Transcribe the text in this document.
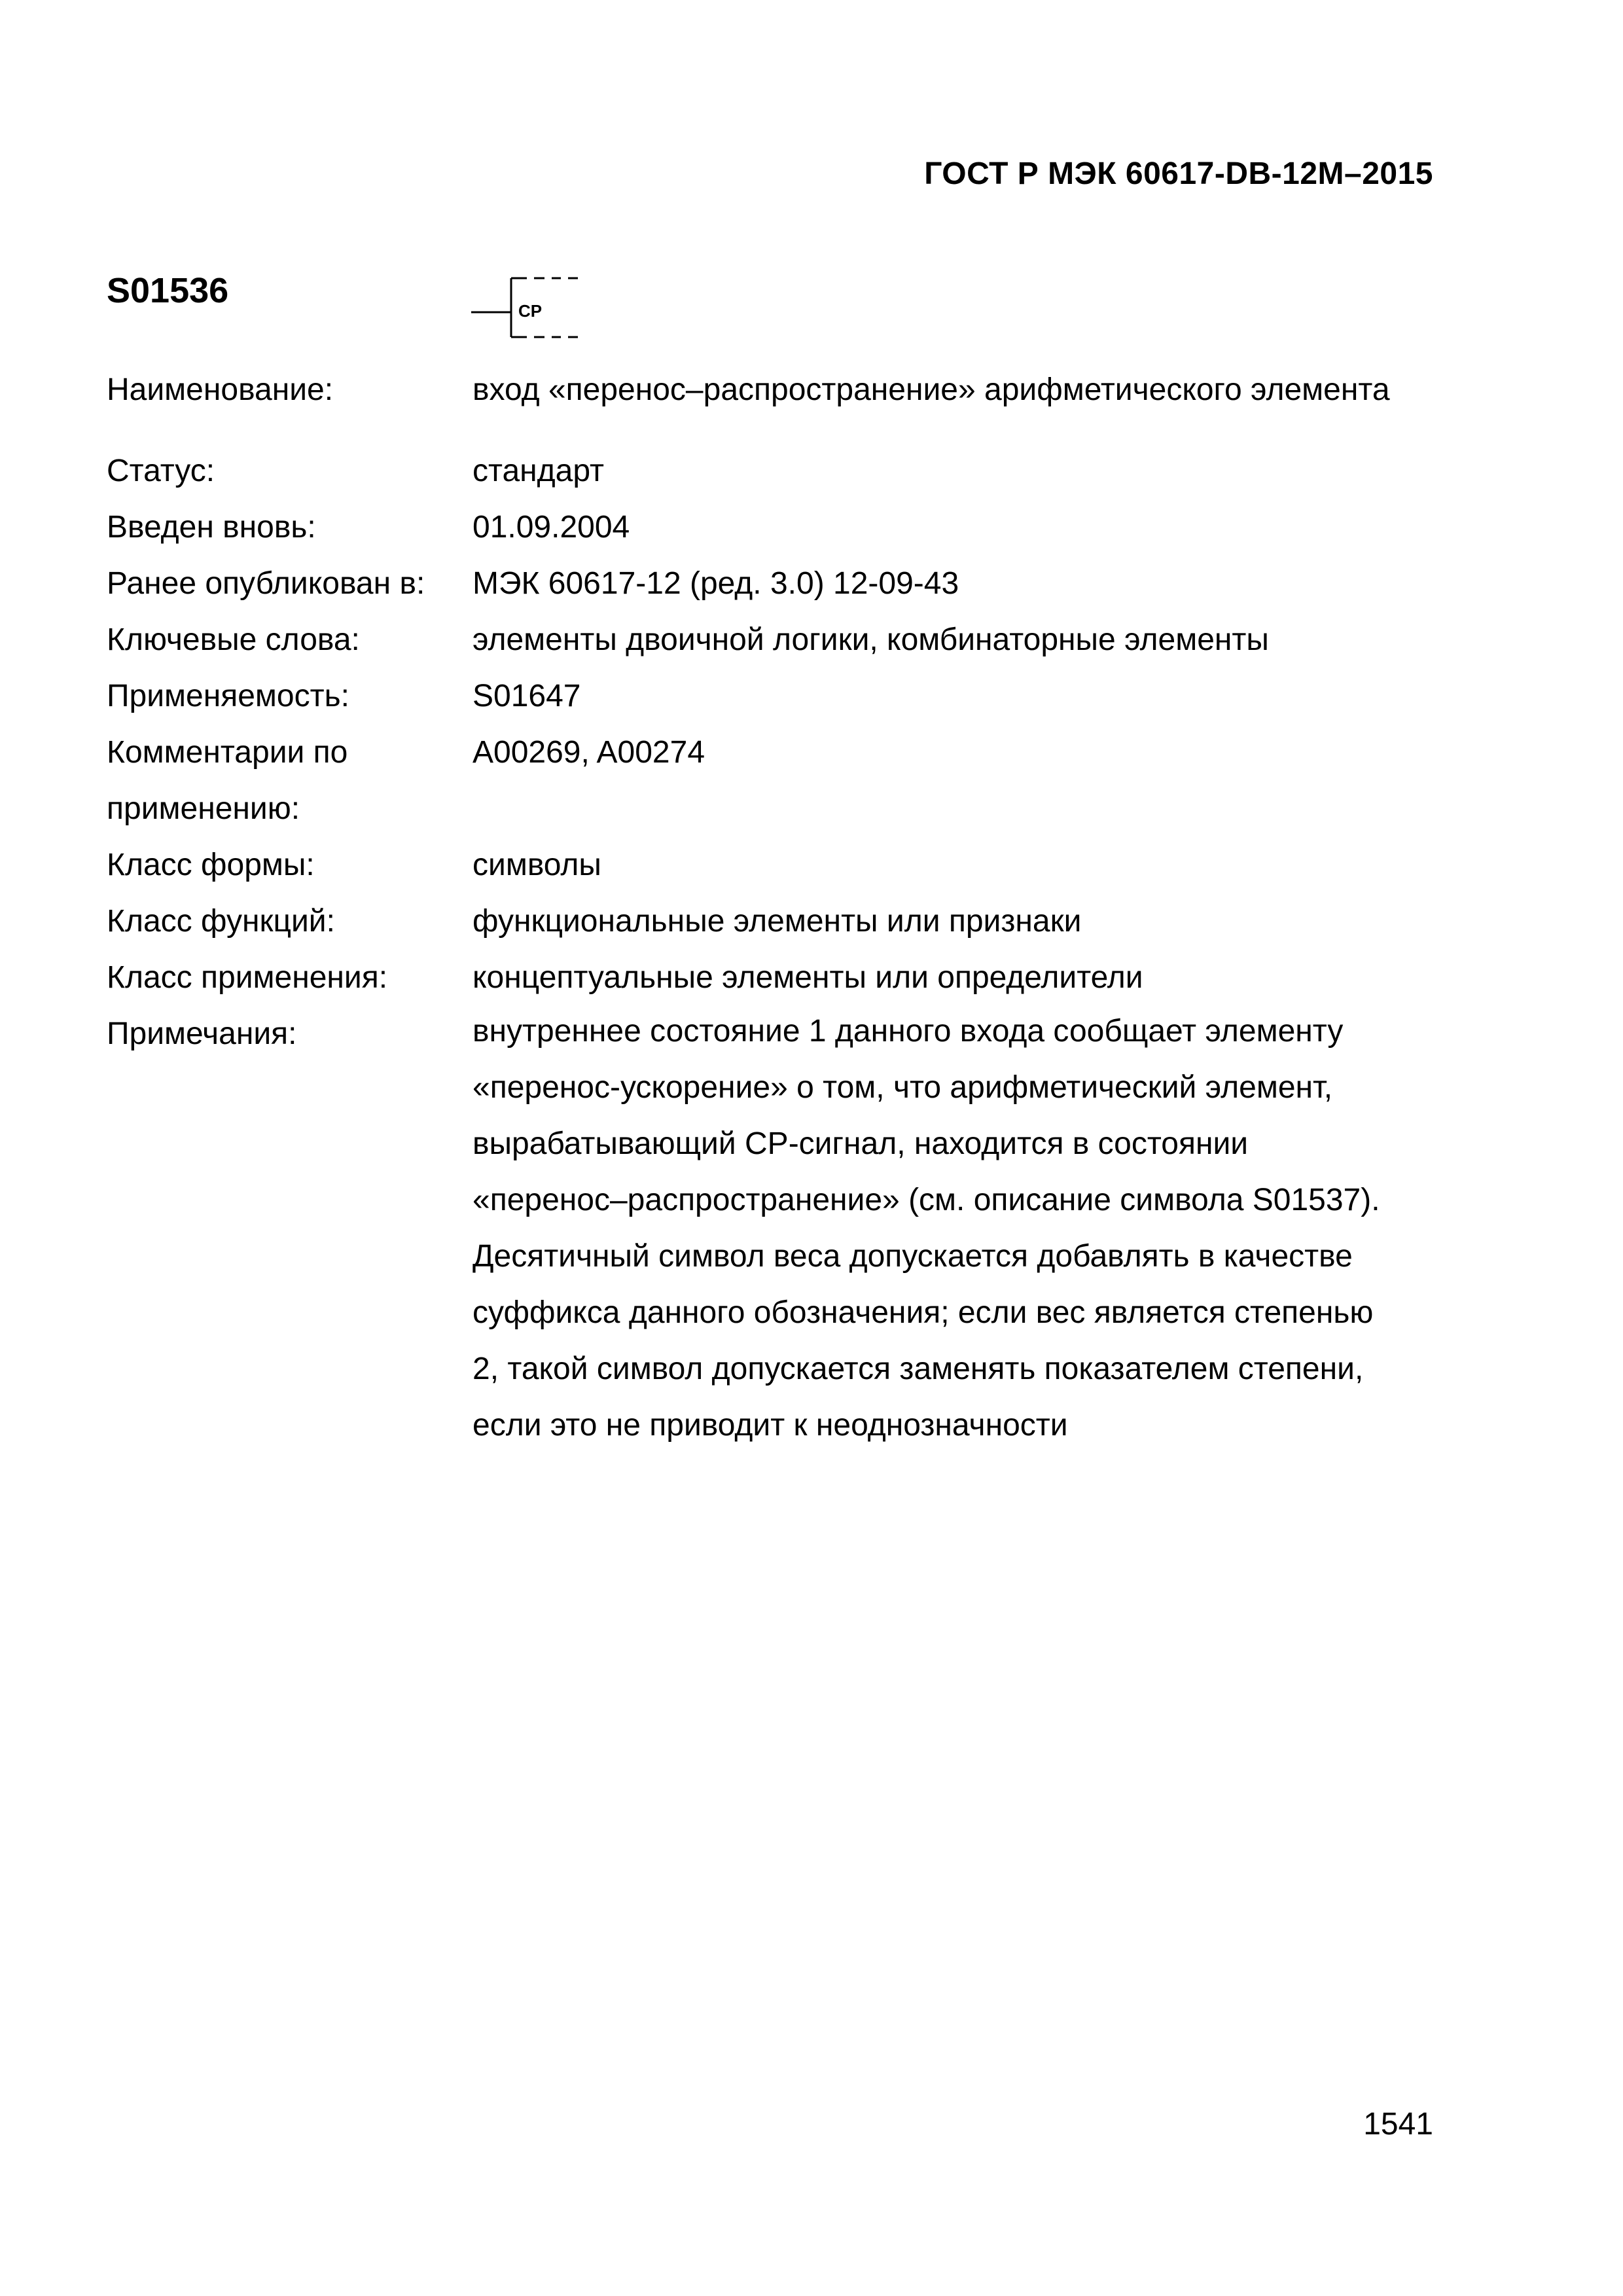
ГОСТ Р МЭК 60617-DB-12M–2015
S01536
CP
Наименование:	вход «перенос–распространение» арифметического элемента
Статус:	стандарт
Введен вновь:	01.09.2004
Ранее опубликован в: МЭК 60617-12 (ред. 3.0) 12-09-43
Ключевые слова:	элементы двоичной логики, комбинаторные элементы
Применяемость:	S01647
Комментарии по
применению:
A00269, A00274
Класс формы:	символы
Класс функций:	функциональные элементы или признаки
Класс применения:	концептуальные элементы или определители
Примечания:	внутреннее состояние 1 данного входа сообщает элементу
«перенос-ускорение» о том, что арифметический элемент,
вырабатывающий CP-сигнал, находится в состоянии
«перенос–распространение» (см. описание символа S01537).
Десятичный символ веса допускается добавлять в качестве
суффикса данного обозначения; если вес является степенью
2, такой символ допускается заменять показателем степени,
если это не приводит к неоднозначности
1541
